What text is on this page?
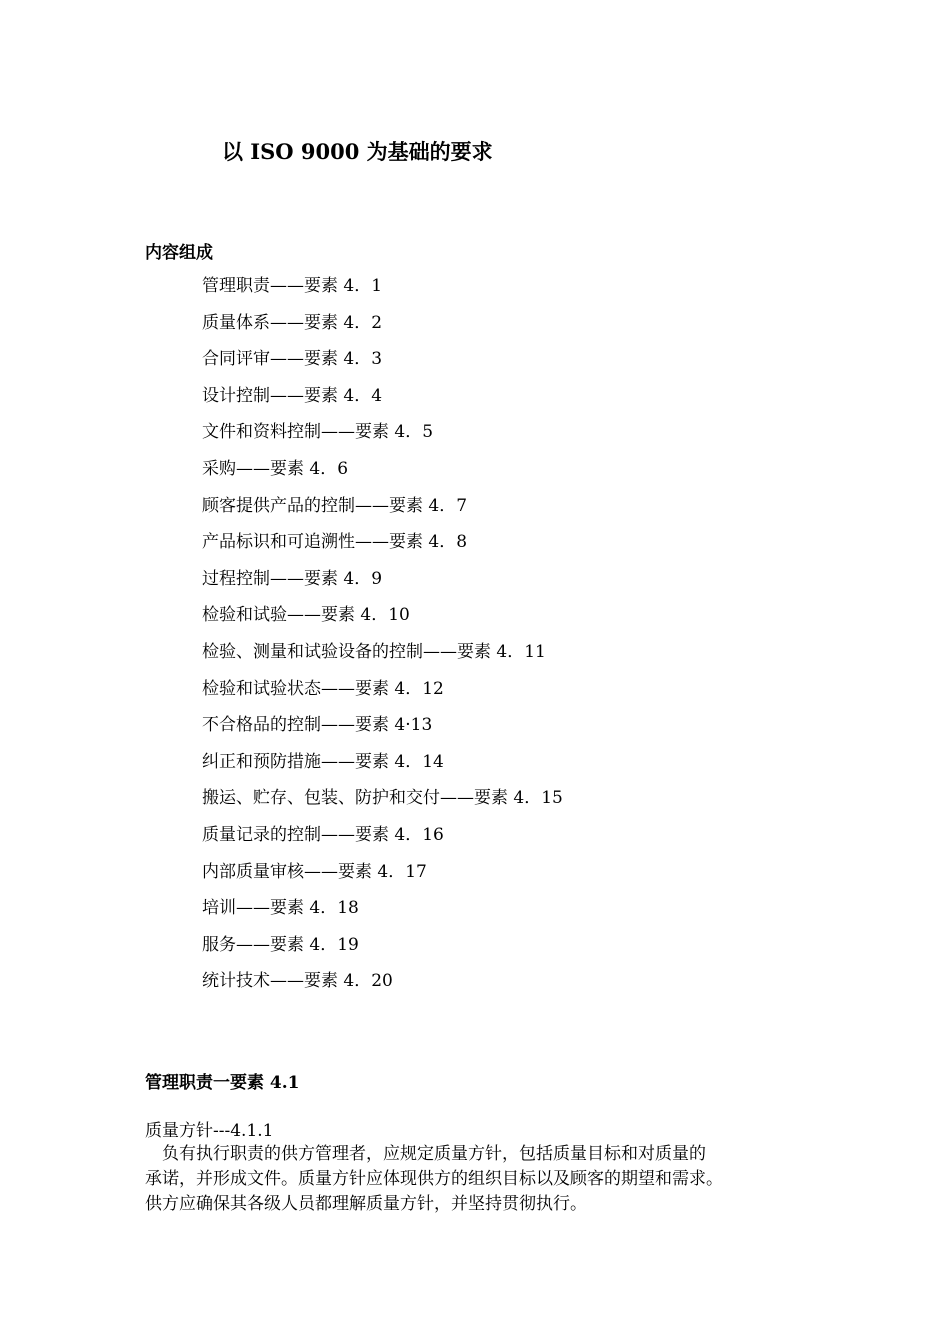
以 ISO 9000 为基础的要求
内容组成
管理职责——要素 4．1
质量体系——要素 4．2
合同评审——要素 4．3
设计控制——要素 4．4
文件和资料控制——要素 4．5
采购——要素 4．6
顾客提供产品的控制——要素 4．7
产品标识和可追溯性——要素 4．8
过程控制——要素 4．9
检验和试验——要素 4．10
检验、测量和试验设备的控制——要素 4．11
检验和试验状态——要素 4．12
不合格品的控制——要素 4·13
纠正和预防措施——要素 4．14
搬运、贮存、包装、防护和交付——要素 4．15
质量记录的控制——要素 4．16
内部质量审核——要素 4．17
培训——要素 4．18
服务——要素 4．19
统计技术——要素 4．20
管理职责一要素 4.1
质量方针---4.1.1
负有执行职责的供方管理者，应规定质量方针，包括质量目标和对质量的
承诺，并形成文件。质量方针应体现供方的组织目标以及顾客的期望和需求。
供方应确保其各级人员都理解质量方针，并坚持贯彻执行。
